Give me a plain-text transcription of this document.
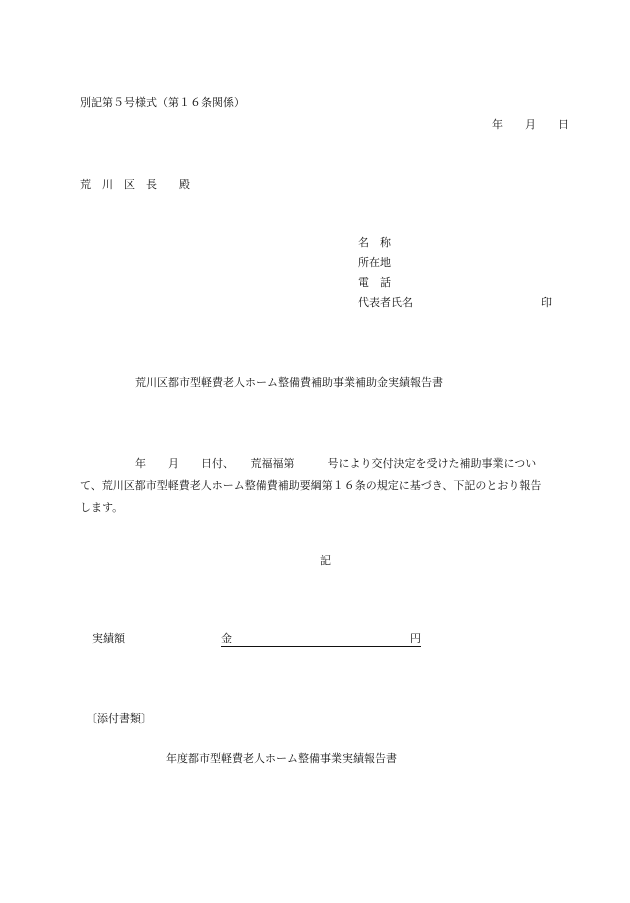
別記第５号様式（第１６条関係）
年　　月　　日
荒　川　区　長　　殿
名　称
所在地
電　話
代表者氏名	印
荒川区都市型軽費老人ホーム整備費補助事業補助金実績報告書
　　　　　年　　月　　日付、　　荒福福第　　　号により交付決定を受けた補助事業につい
て、荒川区都市型軽費老人ホーム整備費補助要綱第１６条の規定に基づき、下記のとおり報告
します。
記
実績額

	金

	円

〔添付書類〕
年度都市型軽費老人ホーム整備事業実績報告書
